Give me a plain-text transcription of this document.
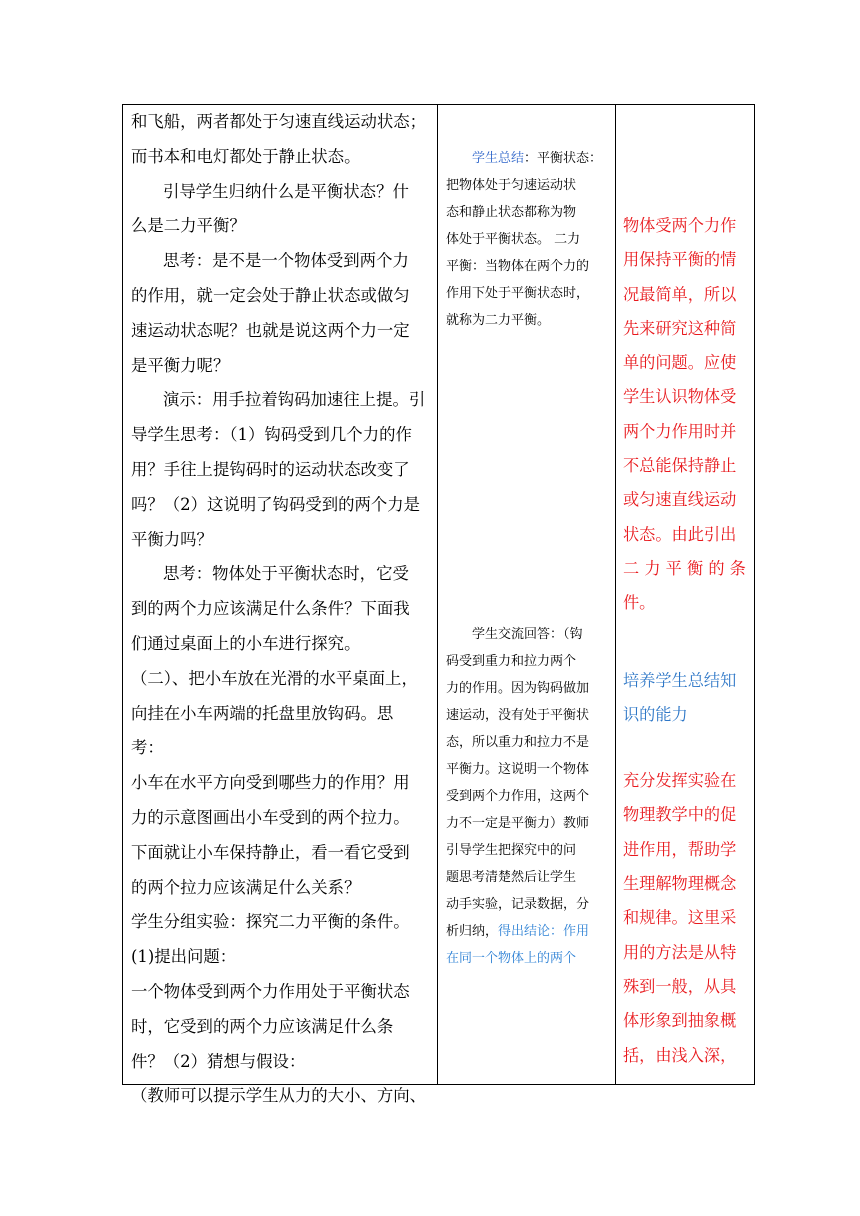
和飞船，两者都处于匀速直线运动状态；
而书本和电灯都处于静止状态。
引导学生归纳什么是平衡状态？什
么是二力平衡？
思考：是不是一个物体受到两个力
的作用，就一定会处于静止状态或做匀
速运动状态呢？也就是说这两个力一定
是平衡力呢？
演示：用手拉着钩码加速往上提。引
导学生思考：（1）钩码受到几个力的作
用？手往上提钩码时的运动状态改变了
吗？（2）这说明了钩码受到的两个力是
平衡力吗？
思考：物体处于平衡状态时，它受
到的两个力应该满足什么条件？下面我
们通过桌面上的小车进行探究。
（二）、把小车放在光滑的水平桌面上，
向挂在小车两端的托盘里放钩码。思
考：
小车在水平方向受到哪些力的作用？用
力的示意图画出小车受到的两个拉力。
下面就让小车保持静止，看一看它受到
的两个拉力应该满足什么关系？
学生分组实验：探究二力平衡的条件。
(1)提出问题：
一个物体受到两个力作用处于平衡状态
时，它受到的两个力应该满足什么条
件？（2）猜想与假设：
（教师可以提示学生从力的大小、方向、
学生总结：平衡状态：
把物体处于匀速运动状
态和静止状态都称为物
体处于平衡状态。 二力
平衡：当物体在两个力的
作用下处于平衡状态时，
就称为二力平衡。
学生交流回答：（钩
码受到重力和拉力两个
力的作用。因为钩码做加
速运动，没有处于平衡状
态，所以重力和拉力不是
平衡力。这说明一个物体
受到两个力作用，这两个
力不一定是平衡力）教师
引导学生把探究中的问
题思考清楚然后让学生
动手实验，记录数据，分
析归纳，得出结论：作用
在同一个物体上的两个
物体受两个力作
用保持平衡的情
况最简单，所以
先来研究这种简
单的问题。应使
学生认识物体受
两个力作用时并
不总能保持静止
或匀速直线运动
状态。由此引出
二 力 平 衡 的 条
件。
培养学生总结知
识的能力
充分发挥实验在
物理教学中的促
进作用，帮助学
生理解物理概念
和规律。这里采
用的方法是从特
殊到一般，从具
体形象到抽象概
括，由浅入深，
